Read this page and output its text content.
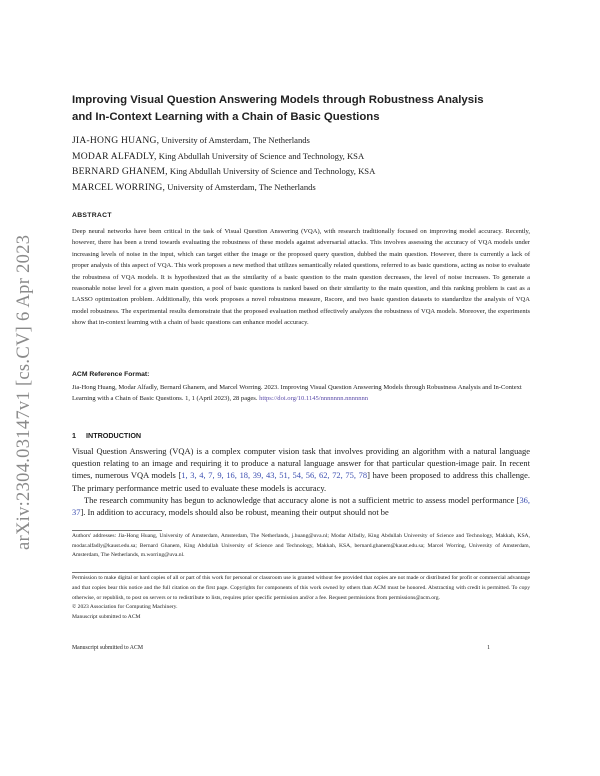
arXiv:2304.03147v1 [cs.CV] 6 Apr 2023
Improving Visual Question Answering Models through Robustness Analysis
and In-Context Learning with a Chain of Basic Questions
JIA-HONG HUANG, University of Amsterdam, The Netherlands
MODAR ALFADLY, King Abdullah University of Science and Technology, KSA
BERNARD GHANEM, King Abdullah University of Science and Technology, KSA
MARCEL WORRING, University of Amsterdam, The Netherlands
ABSTRACT
Deep neural networks have been critical in the task of Visual Question Answering (VQA), with research traditionally focused on improving model accuracy. Recently, however, there has been a trend towards evaluating the robustness of these models against adversarial attacks. This involves assessing the accuracy of VQA models under increasing levels of noise in the input, which can target either the image or the proposed query question, dubbed the main question. However, there is currently a lack of proper analysis of this aspect of VQA. This work proposes a new method that utilizes semantically related questions, referred to as basic questions, acting as noise to evaluate the robustness of VQA models. It is hypothesized that as the similarity of a basic question to the main question decreases, the level of noise increases. To generate a reasonable noise level for a given main question, a pool of basic questions is ranked based on their similarity to the main question, and this ranking problem is cast as a LASSO optimization problem. Additionally, this work proposes a novel robustness measure, Rscore, and two basic question datasets to standardize the analysis of VQA model robustness. The experimental results demonstrate that the proposed evaluation method effectively analyzes the robustness of VQA models. Moreover, the experiments show that in-context learning with a chain of basic questions can enhance model accuracy.
ACM Reference Format:
Jia-Hong Huang, Modar Alfadly, Bernard Ghanem, and Marcel Worring. 2023. Improving Visual Question Answering Models through Robustness Analysis and In-Context Learning with a Chain of Basic Questions. 1, 1 (April 2023), 28 pages. https://doi.org/10.1145/nnnnnnn.nnnnnnn
1 INTRODUCTION

Visual Question Answering (VQA) is a complex computer vision task that involves providing an algorithm with a natural language question relating to an image and requiring it to produce a natural language answer for that particular question-image pair. In recent times, numerous VQA models [1, 3, 4, 7, 9, 16, 18, 39, 43, 51, 54, 56, 62, 72, 75, 78] have been proposed to address this challenge. The primary performance metric used to evaluate these models is accuracy.

The research community has begun to acknowledge that accuracy alone is not a sufficient metric to assess model performance [36, 37]. In addition to accuracy, models should also be robust, meaning their output should not be

Authors' addresses: Jia-Hong Huang, University of Amsterdam, Amsterdam, The Netherlands, j.huang@uva.nl; Modar Alfadly, King Abdullah University of Science and Technology, Makkah, KSA, modar.alfadly@kaust.edu.sa; Bernard Ghanem, King Abdullah University of Science and Technology, Makkah, KSA, bernard.ghanem@kaust.edu.sa; Marcel Worring, University of Amsterdam, Amsterdam, The Netherlands, m.worring@uva.nl.
Permission to make digital or hard copies of all or part of this work for personal or classroom use is granted without fee provided that copies are not made or distributed for profit or commercial advantage and that copies bear this notice and the full citation on the first page. Copyrights for components of this work owned by others than ACM must be honored. Abstracting with credit is permitted. To copy otherwise, or republish, to post on servers or to redistribute to lists, requires prior specific permission and/or a fee. Request permissions from permissions@acm.org.
© 2023 Association for Computing Machinery.
Manuscript submitted to ACM
Manuscript submitted to ACM	1
